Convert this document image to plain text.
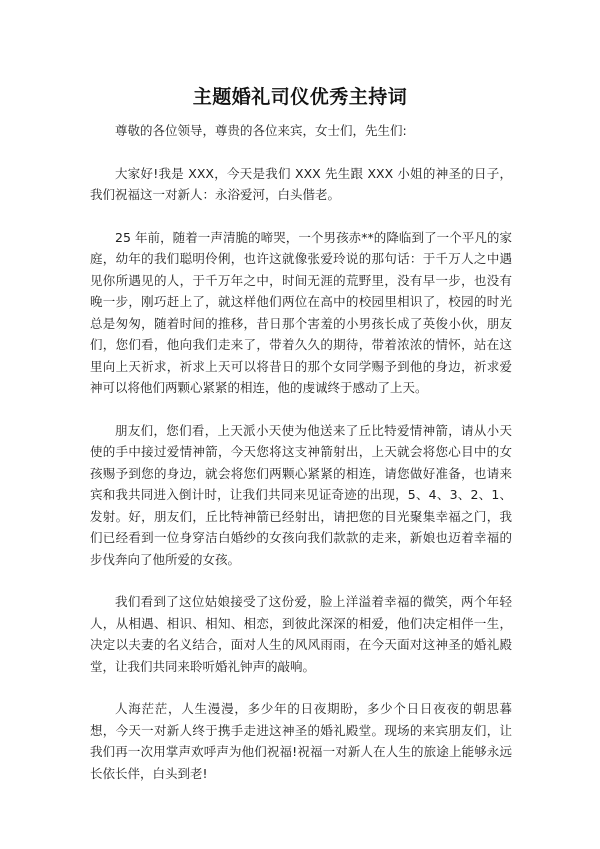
主题婚礼司仪优秀主持词

尊敬的各位领导，尊贵的各位来宾，女士们，先生们:

大家好!我是 XXX，今天是我们 XXX 先生跟 XXX 小姐的神圣的日子，我们祝福这一对新人：永浴爱河，白头偕老。

25 年前，随着一声清脆的啼哭，一个男孩赤**的降临到了一个平凡的家庭，幼年的我们聪明伶俐，也许这就像张爱玲说的那句话：于千万人之中遇见你所遇见的人，于千万年之中，时间无涯的荒野里，没有早一步，也没有晚一步，刚巧赶上了，就这样他们两位在高中的校园里相识了，校园的时光总是匆匆，随着时间的推移，昔日那个害羞的小男孩长成了英俊小伙，朋友们，您们看，他向我们走来了，带着久久的期待，带着浓浓的情怀，站在这里向上天祈求，祈求上天可以将昔日的那个女同学赐予到他的身边，祈求爱神可以将他们两颗心紧紧的相连，他的虔诚终于感动了上天。

朋友们，您们看，上天派小天使为他送来了丘比特爱情神箭，请从小天使的手中接过爱情神箭，今天您将这支神箭射出，上天就会将您心目中的女孩赐予到您的身边，就会将您们两颗心紧紧的相连，请您做好准备，也请来宾和我共同进入倒计时，让我们共同来见证奇迹的出现，5、4、3、2、1、发射。好，朋友们，丘比特神箭已经射出，请把您的目光聚集幸福之门，我们已经看到一位身穿洁白婚纱的女孩向我们款款的走来，新娘也迈着幸福的步伐奔向了他所爱的女孩。

我们看到了这位姑娘接受了这份爱，脸上洋溢着幸福的微笑，两个年轻人，从相遇、相识、相知、相恋，到彼此深深的相爱，他们决定相伴一生，决定以夫妻的名义结合，面对人生的风风雨雨，在今天面对这神圣的婚礼殿堂，让我们共同来聆听婚礼钟声的敲响。

人海茫茫，人生漫漫，多少年的日夜期盼，多少个日日夜夜的朝思暮想，今天一对新人终于携手走进这神圣的婚礼殿堂。现场的来宾朋友们，让我们再一次用掌声欢呼声为他们祝福!祝福一对新人在人生的旅途上能够永远长依长伴，白头到老!
